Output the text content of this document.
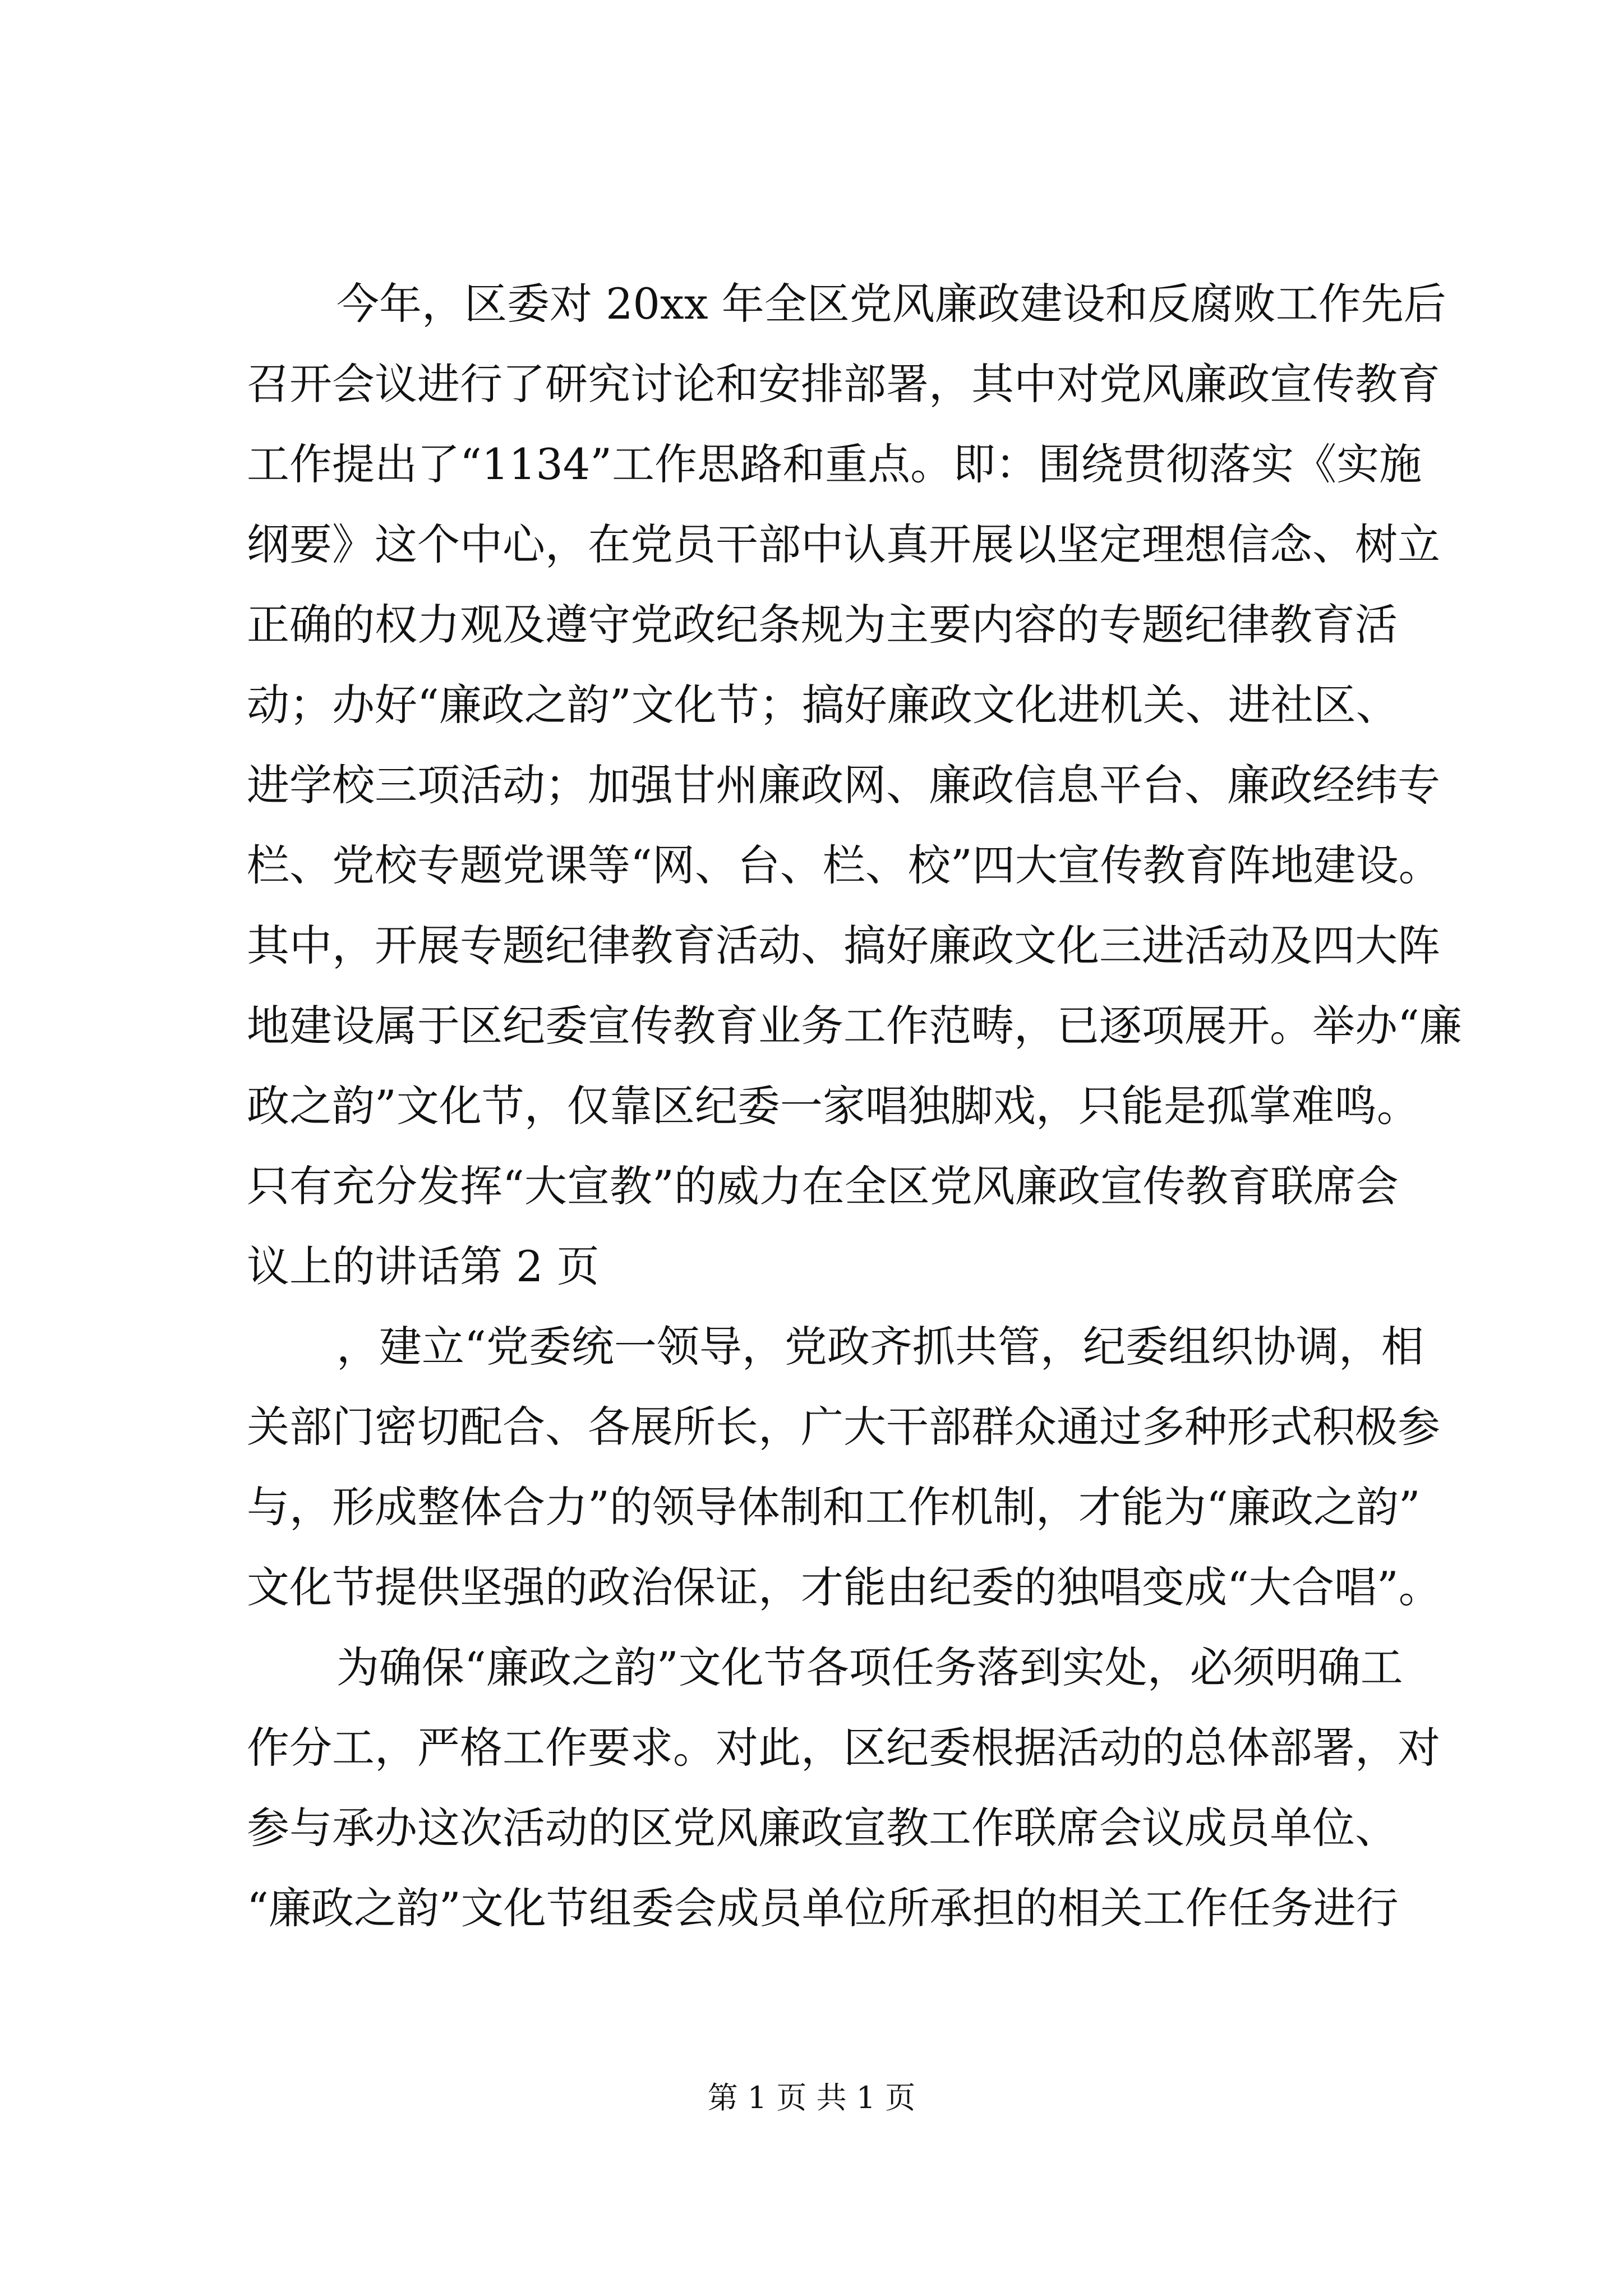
今年，区委对 20xx 年全区党风廉政建设和反腐败工作先后
召开会议进行了研究讨论和安排部署，其中对党风廉政宣传教育
工作提出了“1134”工作思路和重点。即：围绕贯彻落实《实施
纲要》这个中心，在党员干部中认真开展以坚定理想信念、树立
正确的权力观及遵守党政纪条规为主要内容的专题纪律教育活
动；办好“廉政之韵”文化节；搞好廉政文化进机关、进社区、
进学校三项活动；加强甘州廉政网、廉政信息平台、廉政经纬专
栏、党校专题党课等“网、台、栏、校”四大宣传教育阵地建设。
其中，开展专题纪律教育活动、搞好廉政文化三进活动及四大阵
地建设属于区纪委宣传教育业务工作范畴，已逐项展开。举办“廉
政之韵”文化节，仅靠区纪委一家唱独脚戏，只能是孤掌难鸣。
只有充分发挥“大宣教”的威力在全区党风廉政宣传教育联席会
议上的讲话第 2 页
，建立“党委统一领导，党政齐抓共管，纪委组织协调，相
关部门密切配合、各展所长，广大干部群众通过多种形式积极参
与，形成整体合力”的领导体制和工作机制，才能为“廉政之韵”
文化节提供坚强的政治保证，才能由纪委的独唱变成“大合唱”。
为确保“廉政之韵”文化节各项任务落到实处，必须明确工
作分工，严格工作要求。对此，区纪委根据活动的总体部署，对
参与承办这次活动的区党风廉政宣教工作联席会议成员单位、
“廉政之韵”文化节组委会成员单位所承担的相关工作任务进行
第 1 页 共 1 页
